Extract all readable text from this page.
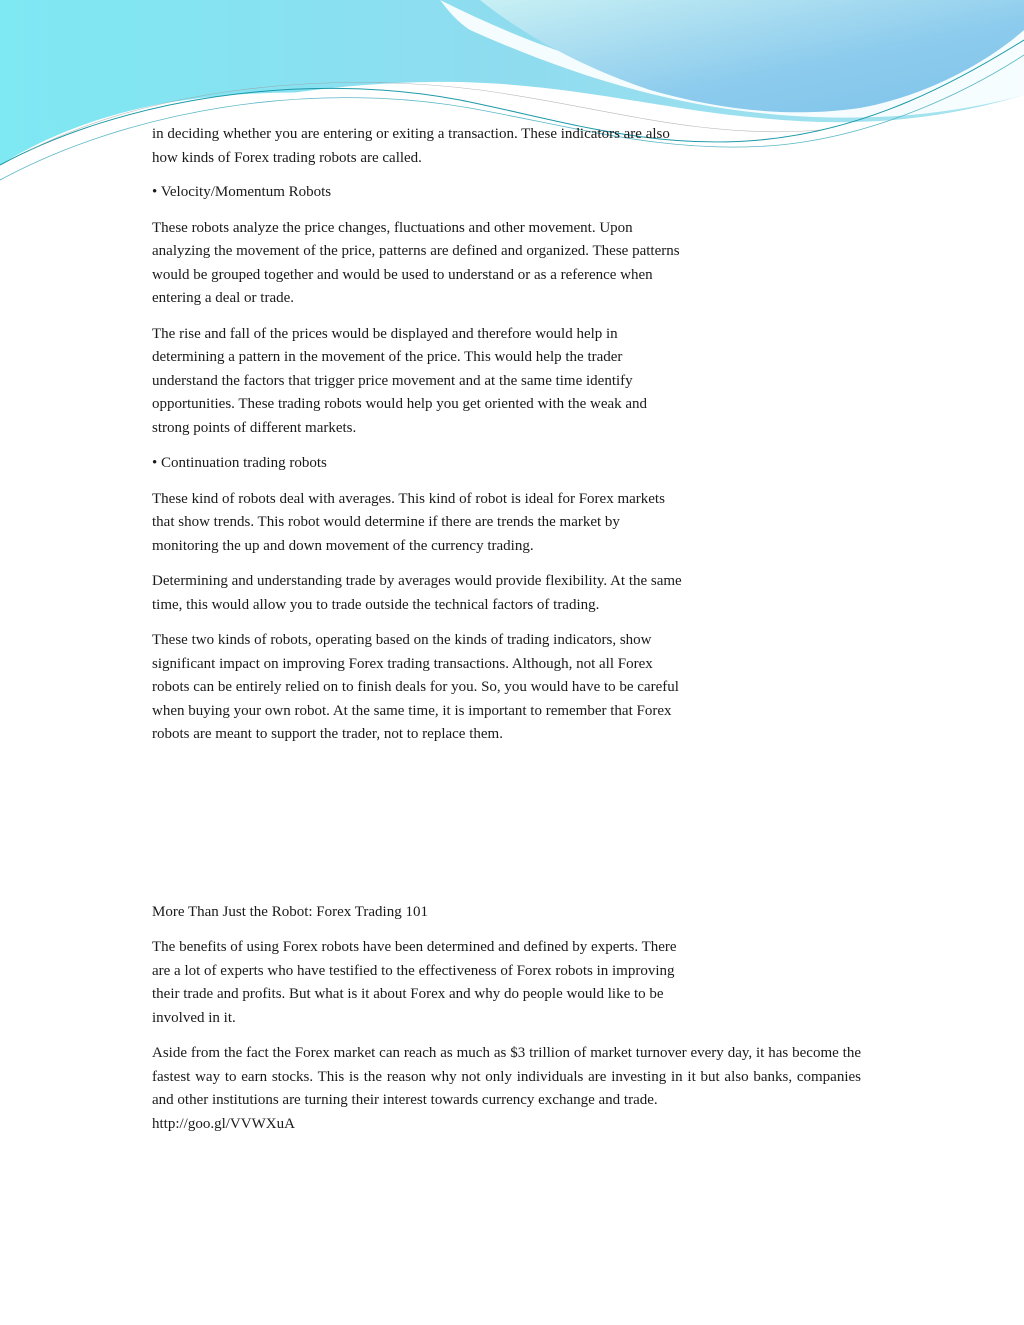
in deciding whether you are entering or exiting a transaction. These indicators are also
how kinds of Forex trading robots are called.

• Velocity/Momentum Robots

These robots analyze the price changes, fluctuations and other movement. Upon
analyzing the movement of the price, patterns are defined and organized. These patterns
would be grouped together and would be used to understand or as a reference when
entering a deal or trade.

The rise and fall of the prices would be displayed and therefore would help in
determining a pattern in the movement of the price. This would help the trader
understand the factors that trigger price movement and at the same time identify
opportunities. These trading robots would help you get oriented with the weak and
strong points of different markets.

• Continuation trading robots

These kind of robots deal with averages. This kind of robot is ideal for Forex markets
that show trends. This robot would determine if there are trends the market by
monitoring the up and down movement of the currency trading.

Determining and understanding trade by averages would provide flexibility. At the same
time, this would allow you to trade outside the technical factors of trading.

These two kinds of robots, operating based on the kinds of trading indicators, show
significant impact on improving Forex trading transactions. Although, not all Forex
robots can be entirely relied on to finish deals for you. So, you would have to be careful
when buying your own robot. At the same time, it is important to remember that Forex
robots are meant to support the trader, not to replace them.

More Than Just the Robot: Forex Trading 101

The benefits of using Forex robots have been determined and defined by experts. There
are a lot of experts who have testified to the effectiveness of Forex robots in improving
their trade and profits. But what is it about Forex and why do people would like to be
involved in it.

Aside from the fact the Forex market can reach as much as $3 trillion of market turnover every day, it has become the fastest way to earn stocks. This is the reason why not only individuals are investing in it but also banks, companies and other institutions are turning their interest towards currency exchange and trade.

http://goo.gl/VVWXuA
